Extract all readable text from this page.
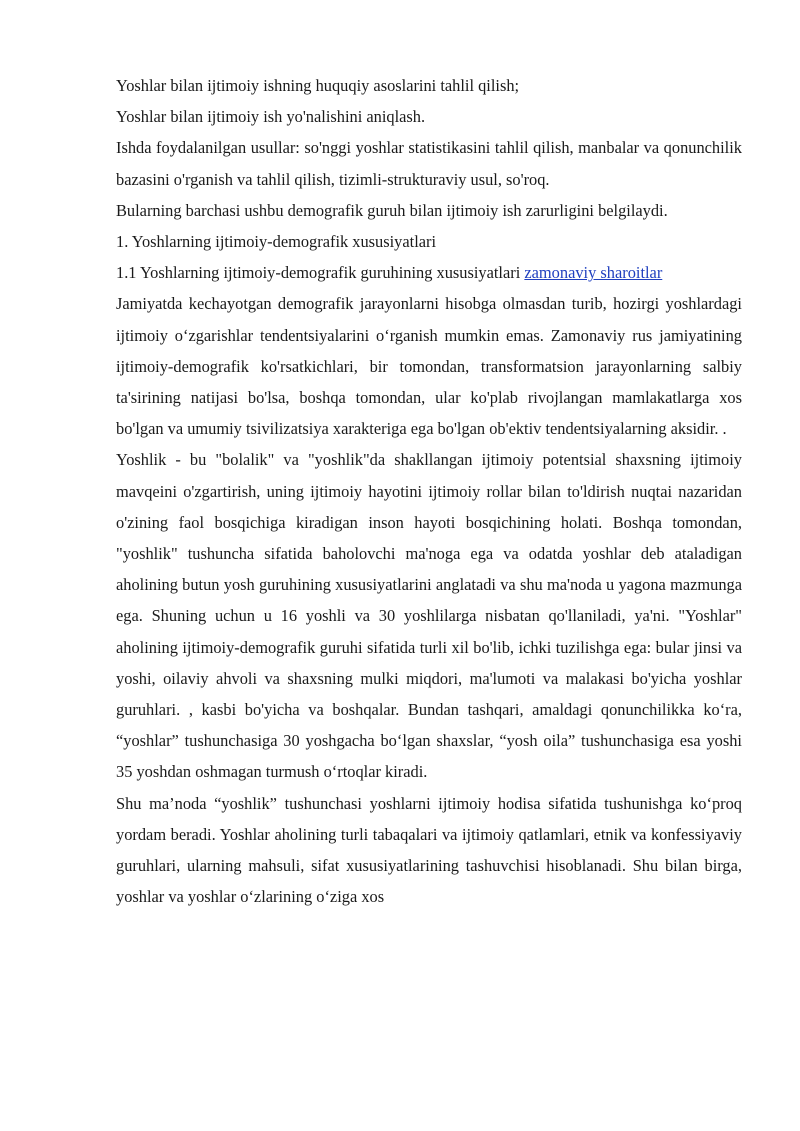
Yoshlar bilan ijtimoiy ishning huquqiy asoslarini tahlil qilish;

Yoshlar bilan ijtimoiy ish yo'nalishini aniqlash.

Ishda foydalanilgan usullar: so'nggi yoshlar statistikasini tahlil qilish, manbalar va qonunchilik bazasini o'rganish va tahlil qilish, tizimli-strukturaviy usul, so'roq.

Bularning barchasi ushbu demografik guruh bilan ijtimoiy ish zarurligini belgilaydi.

1. Yoshlarning ijtimoiy-demografik xususiyatlari

1.1 Yoshlarning ijtimoiy-demografik guruhining xususiyatlari zamonaviy sharoitlar

Jamiyatda kechayotgan demografik jarayonlarni hisobga olmasdan turib, hozirgi yoshlardagi ijtimoiy o‘zgarishlar tendentsiyalarini o‘rganish mumkin emas. Zamonaviy rus jamiyatining ijtimoiy-demografik ko'rsatkichlari, bir tomondan, transformatsion jarayonlarning salbiy ta'sirining natijasi bo'lsa, boshqa tomondan, ular ko'plab rivojlangan mamlakatlarga xos bo'lgan va umumiy tsivilizatsiya xarakteriga ega bo'lgan ob'ektiv tendentsiyalarning aksidir. .

Yoshlik - bu "bolalik" va "yoshlik"da shakllangan ijtimoiy potentsial shaxsning ijtimoiy mavqeini o'zgartirish, uning ijtimoiy hayotini ijtimoiy rollar bilan to'ldirish nuqtai nazaridan o'zining faol bosqichiga kiradigan inson hayoti bosqichining holati. Boshqa tomondan, "yoshlik" tushuncha sifatida baholovchi ma'noga ega va odatda yoshlar deb ataladigan aholining butun yosh guruhining xususiyatlarini anglatadi va shu ma'noda u yagona mazmunga ega. Shuning uchun u 16 yoshli va 30 yoshlilarga nisbatan qo'llaniladi, ya'ni. "Yoshlar" aholining ijtimoiy-demografik guruhi sifatida turli xil bo'lib, ichki tuzilishga ega: bular jinsi va yoshi, oilaviy ahvoli va shaxsning mulki miqdori, ma'lumoti va malakasi bo'yicha yoshlar guruhlari. , kasbi bo'yicha va boshqalar. Bundan tashqari, amaldagi qonunchilikka ko‘ra, “yoshlar” tushunchasiga 30 yoshgacha bo‘lgan shaxslar, “yosh oila” tushunchasiga esa yoshi 35 yoshdan oshmagan turmush o‘rtoqlar kiradi.

Shu ma’noda “yoshlik” tushunchasi yoshlarni ijtimoiy hodisa sifatida tushunishga ko‘proq yordam beradi. Yoshlar aholining turli tabaqalari va ijtimoiy qatlamlari, etnik va konfessiyaviy guruhlari, ularning mahsuli, sifat xususiyatlarining tashuvchisi hisoblanadi. Shu bilan birga, yoshlar va yoshlar o‘zlarining o‘ziga xos
